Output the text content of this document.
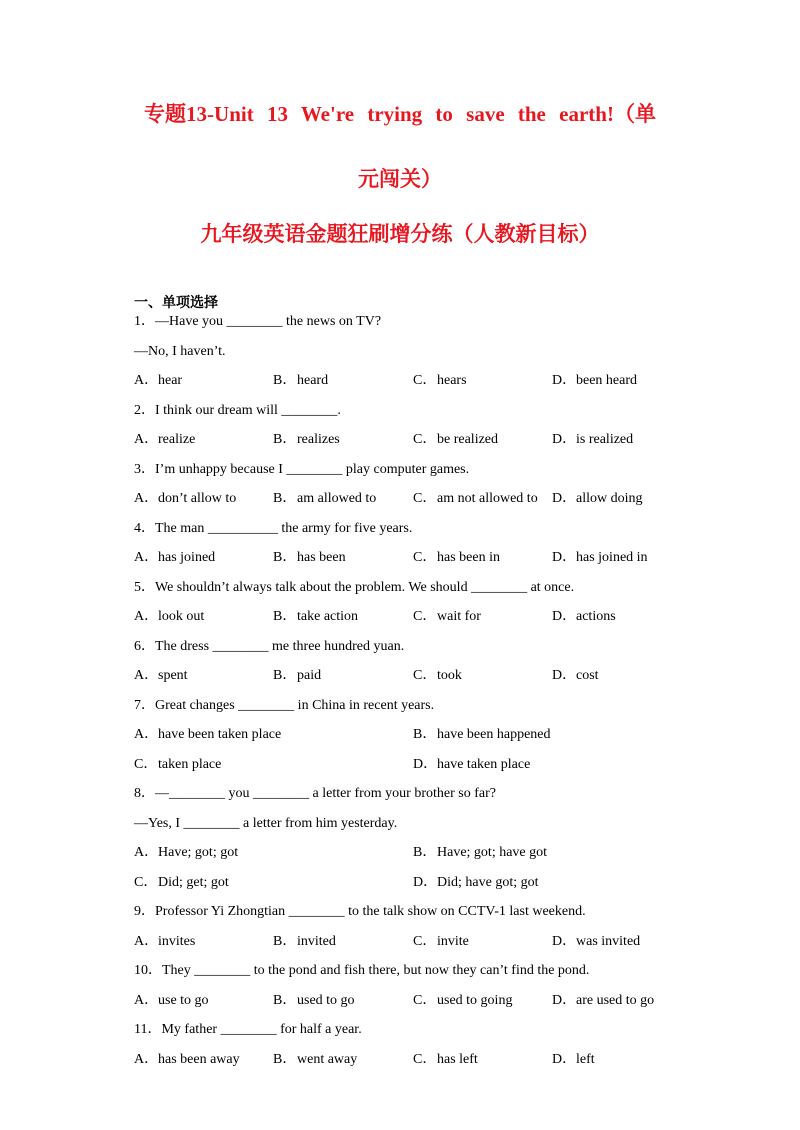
专题13-Unit 13 We're trying to save the earth!（单
元闯关）
九年级英语金题狂刷增分练（人教新目标）
一、单项选择
1．—Have you ________ the news on TV?
—No, I haven’t.
A．hear	B．heard	C．hears	D．been heard
2．I think our dream will ________.
A．realize	B．realizes	C．be realized	D．is realized
3．I’m unhappy because I ________ play computer games.
A．don’t allow to	B．am allowed to	C．am not allowed to D．allow doing
4．The man __________ the army for five years.
A．has joined	B．has been	C．has been in	D．has joined in
5．We shouldn’t always talk about the problem. We should ________ at once.
A．look out	B．take action	C．wait for	D．actions
6．The dress ________ me three hundred yuan.
A．spent	B．paid	C．took	D．cost
7．Great changes ________ in China in recent years.
A．have been taken place	B．have been happened
C．taken place	D．have taken place
8．—________ you ________ a letter from your brother so far?
—Yes, I ________ a letter from him yesterday.
A．Have; got; got	B．Have; got; have got
C．Did; get; got	D．Did; have got; got
9．Professor Yi Zhongtian ________ to the talk show on CCTV-1 last weekend.
A．invites	B．invited	C．invite	D．was invited
10．They ________ to the pond and fish there, but now they can’t find the pond.
A．use to go	B．used to go	C．used to going	D．are used to go
11．My father ________ for half a year.
A．has been away B．went away	C．has left	D．left
